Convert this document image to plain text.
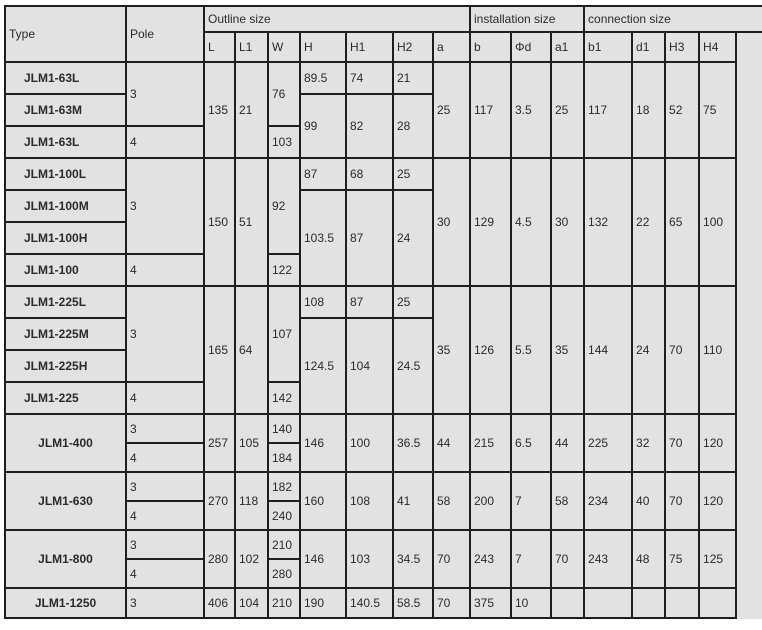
Type	Pole	Outline size							installation size			connection size			
		L	L1	W	H	H1	H2	a	b	Φd	a1	b1	d1	H3	H4
JLM1-63L	3	135	21	76	89.5	74	21	25	117	3.5	25	117	18	52	75

JLM1-63M					99	82	28								

JLM1-63L	4			103											

JLM1-100L	3	150	51	92	87	68	25	30	129	4.5	30	132	22	65	100
JLM1-100M					103.5	87	24								
JLM1-100H															
JLM1-100	4			122											
JLM1-225L	3	165	64	107	108	87	25	35	126	5.5	35	144	24	70	110
JLM1-225M					124.5	104	24.5								
JLM1-225H															
JLM1-225	4			142											
JLM1-400	3	257	105	140	146	100	36.5	44	215	6.5	44	225	32	70	120
	4			184											
JLM1-630	3	270	118	182	160	108	41	58	200	7	58	234	40	70	120
	4			240											
JLM1-800	3	280	102	210	146	103	34.5	70	243	7	70	243	48	75	125
	4			280											
JLM1-1250	3	406	104	210	190	140.5	58.5	70	375	10					
